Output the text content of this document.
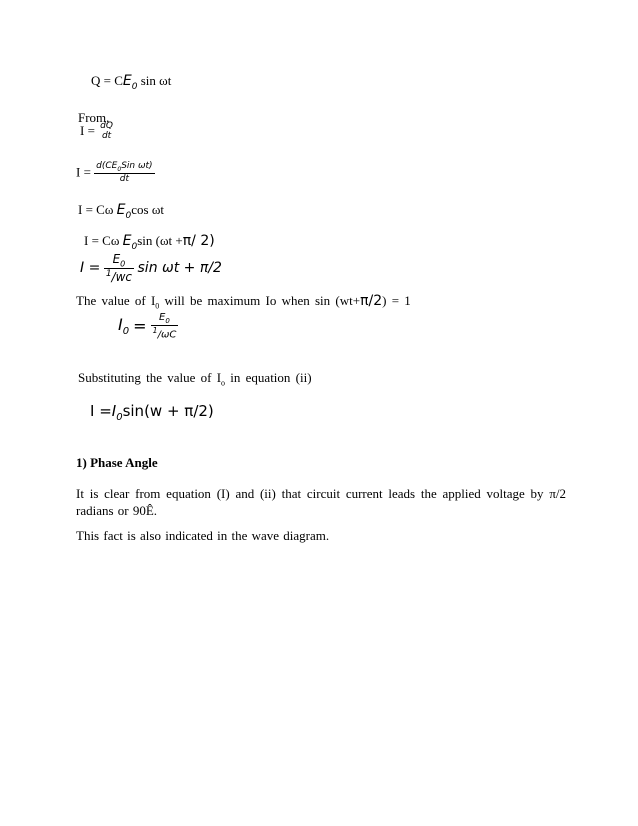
$Q = CE_0$ sin ωt
From,
I = dQ
dt
$I = \frac{d(CE_0Sin \omega t)}{dt}$
I = Cω $E_0\cos$ ωt
I = Cω $E_0\sin$ (ωt +π/ 2)
$I = \frac{E_0}{^1/wc}$ sin ωt + π/2
The value of $I_0$ will be maximum Io when sin (wt+π/2) = 1
$I_0 = \frac{E_0}{^1/\omega C}$
Substituting the value of $I_o$ in equation (ii)
$I =I_0\sin(w + \pi/2)$
1) Phase Angle
It is clear from equation (I) and (ii) that circuit current leads the applied voltage by π/2 radians or 90Ê.
This fact is also indicated in the wave diagram.
